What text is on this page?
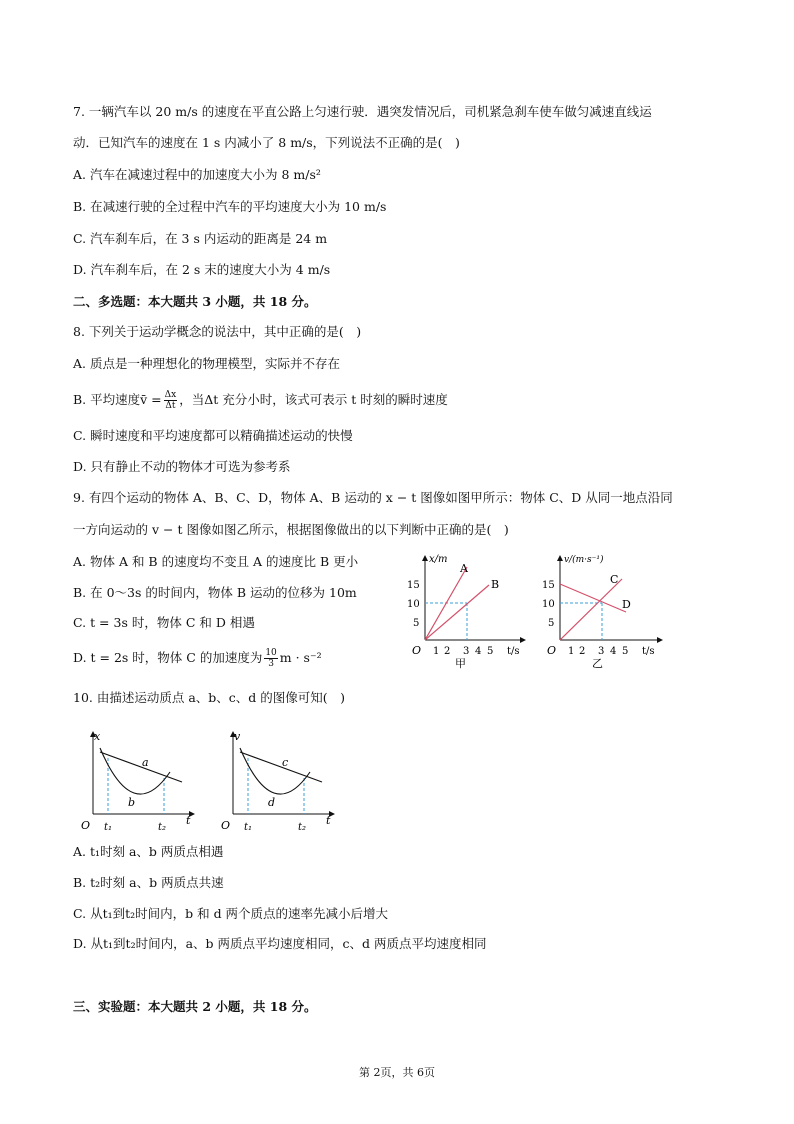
7. 一辆汽车以 20 m/s 的速度在平直公路上匀速行驶．遇突发情况后，司机紧急刹车使车做匀减速直线运
动．已知汽车的速度在 1 s 内减小了 8 m/s，下列说法不正确的是(　)
A. 汽车在减速过程中的加速度大小为 8 m/s²
B. 在减速行驶的全过程中汽车的平均速度大小为 10 m/s
C. 汽车刹车后，在 3 s 内运动的距离是 24 m
D. 汽车刹车后，在 2 s 末的速度大小为 4 m/s
二、多选题：本大题共 3 小题，共 18 分。
8. 下列关于运动学概念的说法中，其中正确的是(　)
A. 质点是一种理想化的物理模型，实际并不存在
B. 平均速度v̄ = $\frac{\Delta x}{\Delta t}$ ，当Δt 充分小时，该式可表示 t 时刻的瞬时速度
C. 瞬时速度和平均速度都可以精确描述运动的快慢
D. 只有静止不动的物体才可选为参考系
9. 有四个运动的物体 A、B、C、D，物体 A、B 运动的 x − t 图像如图甲所示：物体 C、D 从同一地点沿同
一方向运动的 v − t 图像如图乙所示，根据图像做出的以下判断中正确的是(　)
A. 物体 A 和 B 的速度均不变且 A 的速度比 B 更小
B. 在 0～3s 的时间内，物体 B 运动的位移为 10m
C. t = 3s 时，物体 C 和 D 相遇
D. t = 2s 时，物体 C 的加速度为 $\frac{10}{3}$ m · s⁻²
A
B
x/m
t/s
O
15
10
5
1 2 3 4 5
甲
C
D
v/(m·s⁻¹)
t/s
O
15
10
5
1 2 3 4 5
乙
10. 由描述运动质点 a、b、c、d 的图像可知(　)
a
b
x
t
O t₁	t₂
c
d
v
t
O t₁	t₂
A. t₁时刻 a、b 两质点相遇
B. t₂时刻 a、b 两质点共速
C. 从t₁到t₂时间内，b 和 d 两个质点的速率先减小后增大
D. 从t₁到t₂时间内，a、b 两质点平均速度相同，c、d 两质点平均速度相同
三、实验题：本大题共 2 小题，共 18 分。
第 2页，共 6页
